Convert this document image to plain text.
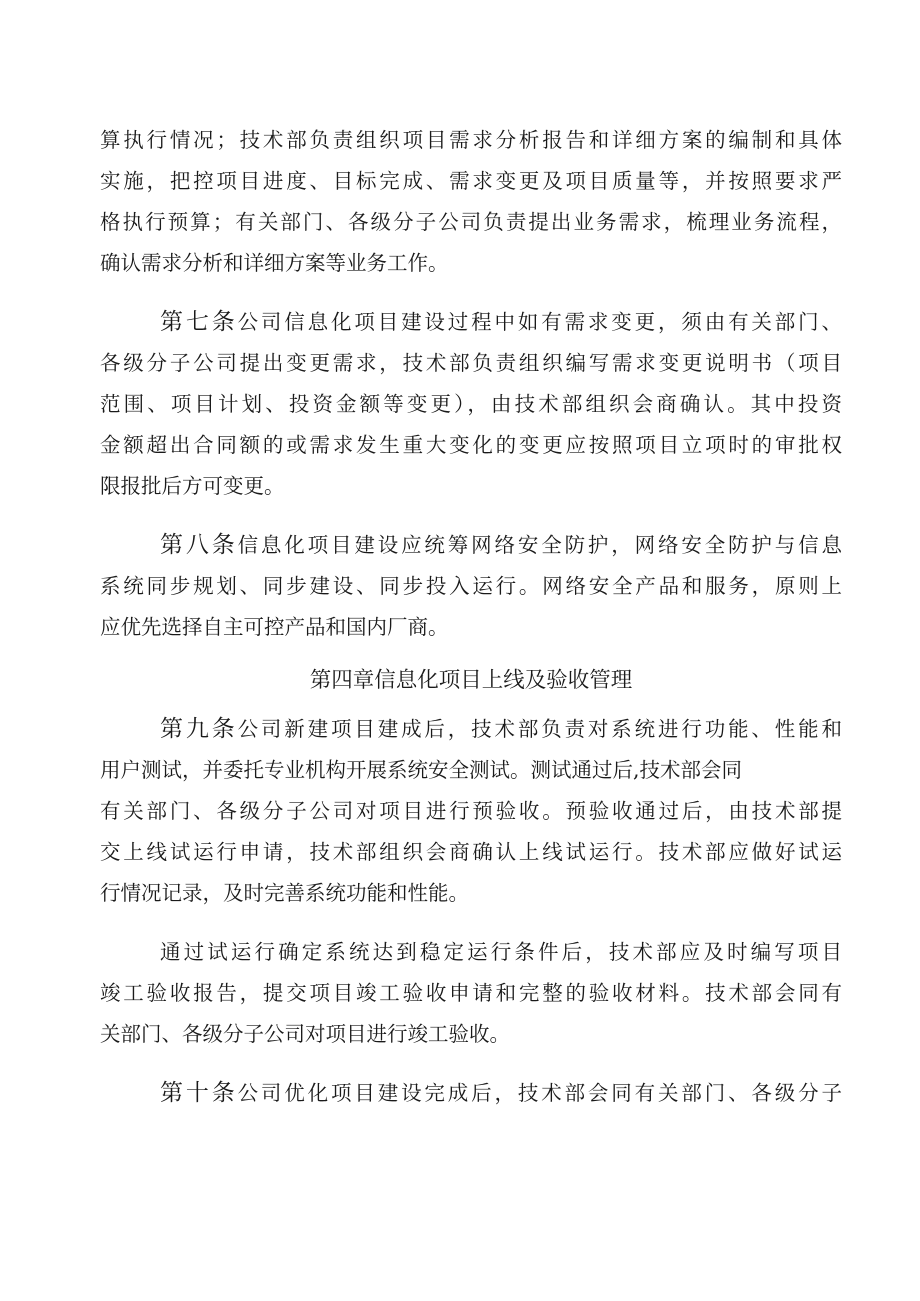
算执行情况；技术部负责组织项目需求分析报告和详细方案的编制和具体
实施，把控项目进度、目标完成、需求变更及项目质量等，并按照要求严
格执行预算；有关部门、各级分子公司负责提出业务需求，梳理业务流程，
确认需求分析和详细方案等业务工作。
第七条公司信息化项目建设过程中如有需求变更，须由有关部门、
各级分子公司提出变更需求，技术部负责组织编写需求变更说明书（项目
范围、项目计划、投资金额等变更），由技术部组织会商确认。其中投资
金额超出合同额的或需求发生重大变化的变更应按照项目立项时的审批权
限报批后方可变更。
第八条信息化项目建设应统筹网络安全防护，网络安全防护与信息
系统同步规划、同步建设、同步投入运行。网络安全产品和服务，原则上
应优先选择自主可控产品和国内厂商。
第四章信息化项目上线及验收管理
第九条公司新建项目建成后，技术部负责对系统进行功能、性能和
用户测试，并委托专业机构开展系统安全测试。测试通过后,技术部会同
有关部门、各级分子公司对项目进行预验收。预验收通过后，由技术部提
交上线试运行申请，技术部组织会商确认上线试运行。技术部应做好试运
行情况记录，及时完善系统功能和性能。
通过试运行确定系统达到稳定运行条件后，技术部应及时编写项目
竣工验收报告，提交项目竣工验收申请和完整的验收材料。技术部会同有
关部门、各级分子公司对项目进行竣工验收。
第十条公司优化项目建设完成后，技术部会同有关部门、各级分子
